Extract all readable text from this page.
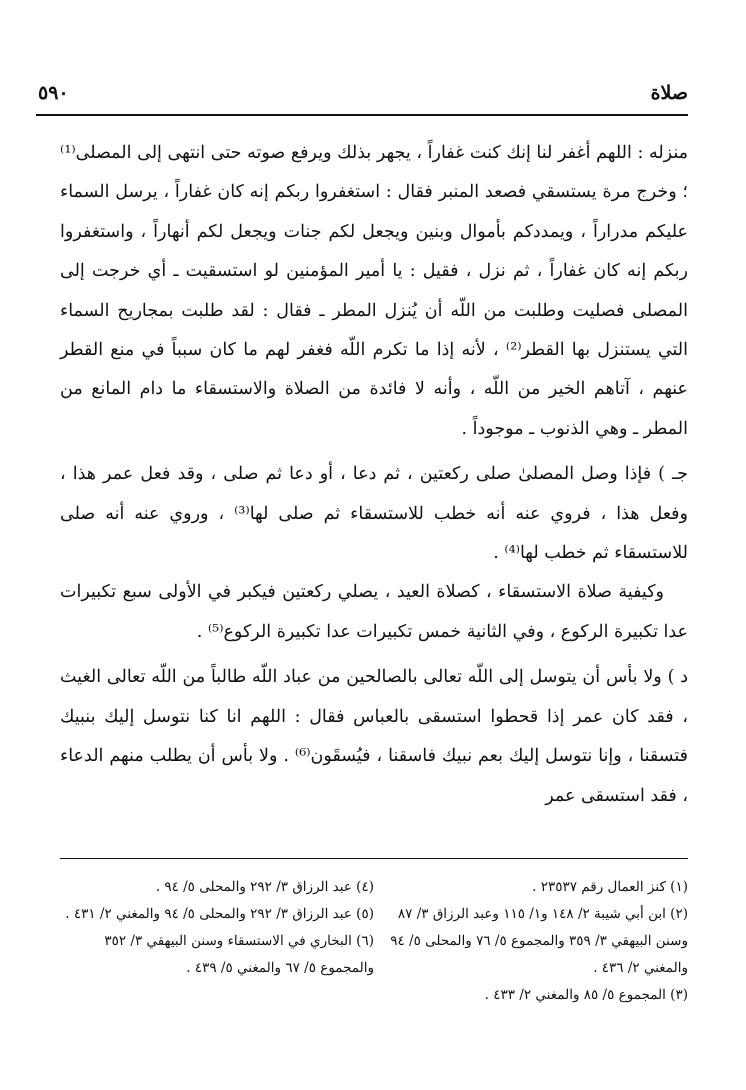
صلاة
٥٩٠

منزله : اللهم أغفر لنا إنك كنت غفاراً ، يجهر بذلك ويرفع صوته حتى انتهى إلى المصلى⁽¹⁾ ؛ وخرج مرة يستسقي فصعد المنبر فقال : استغفروا ربكم إنه كان غفاراً ، يرسل السماء عليكم مدراراً ، ويمددكم بأموال وبنين ويجعل لكم جنات ويجعل لكم أنهاراً ، واستغفروا ربكم إنه كان غفاراً ، ثم نزل ، فقيل : يا أمير المؤمنين لو استسقيت ـ أي خرجت إلى المصلى فصليت وطلبت من اللّه أن يُنزل المطر ـ فقال : لقد طلبت بمجاريح السماء التي يستنزل بها القطر⁽²⁾ ، لأنه إذا ما تكرم اللّه فغفر لهم ما كان سبباً في منع القطر عنهم ، آتاهم الخير من اللّه ، وأنه لا فائدة من الصلاة والاستسقاء ما دام المانع من المطر ـ وهي الذنوب ـ موجوداً .

جـ ) فإذا وصل المصلىٰ صلى ركعتين ، ثم دعا ، أو دعا ثم صلى ، وقد فعل عمر هذا ، وفعل هذا ، فروي عنه أنه خطب للاستسقاء ثم صلى لها⁽³⁾ ، وروي عنه أنه صلى للاستسقاء ثم خطب لها⁽⁴⁾ .

وكيفية صلاة الاستسقاء ، كصلاة العيد ، يصلي ركعتين فيكبر في الأولى سبع تكبيرات عدا تكبيرة الركوع ، وفي الثانية خمس تكبيرات عدا تكبيرة الركوع⁽⁵⁾ .

د ) ولا بأس أن يتوسل إلى اللّه تعالى بالصالحين من عباد اللّه طالباً من اللّه تعالى الغيث ، فقد كان عمر إذا قحطوا استسقى بالعباس فقال : اللهم انا كنا نتوسل إليك بنبيك فتسقنا ، وإنا نتوسل إليك بعم نبيك فاسقنا ، فيُسقَون⁽⁶⁾ . ولا بأس أن يطلب منهم الدعاء ، فقد استسقى عمر

(١) كنز العمال رقم ٢٣٥٣٧ .

(٢) ابن أبي شيبة ٢/ ١٤٨ و١/ ١١٥ وعبد الرزاق ٣/ ٨٧ وسنن البيهقي ٣/ ٣٥٩ والمجموع ٥/ ٧٦ والمحلى ٥/ ٩٤ والمغني ٢/ ٤٣٦ .

(٣) المجموع ٥/ ٨٥ والمغني ٢/ ٤٣٣ .

(٤) عبد الرزاق ٣/ ٢٩٢ والمحلى ٥/ ٩٤ .

(٥) عبد الرزاق ٣/ ٢٩٢ والمحلى ٥/ ٩٤ والمغني ٢/ ٤٣١ .

(٦) البخاري في الاستسقاء وسنن البيهقي ٣/ ٣٥٢ والمجموع ٥/ ٦٧ والمغني ٥/ ٤٣٩ .
